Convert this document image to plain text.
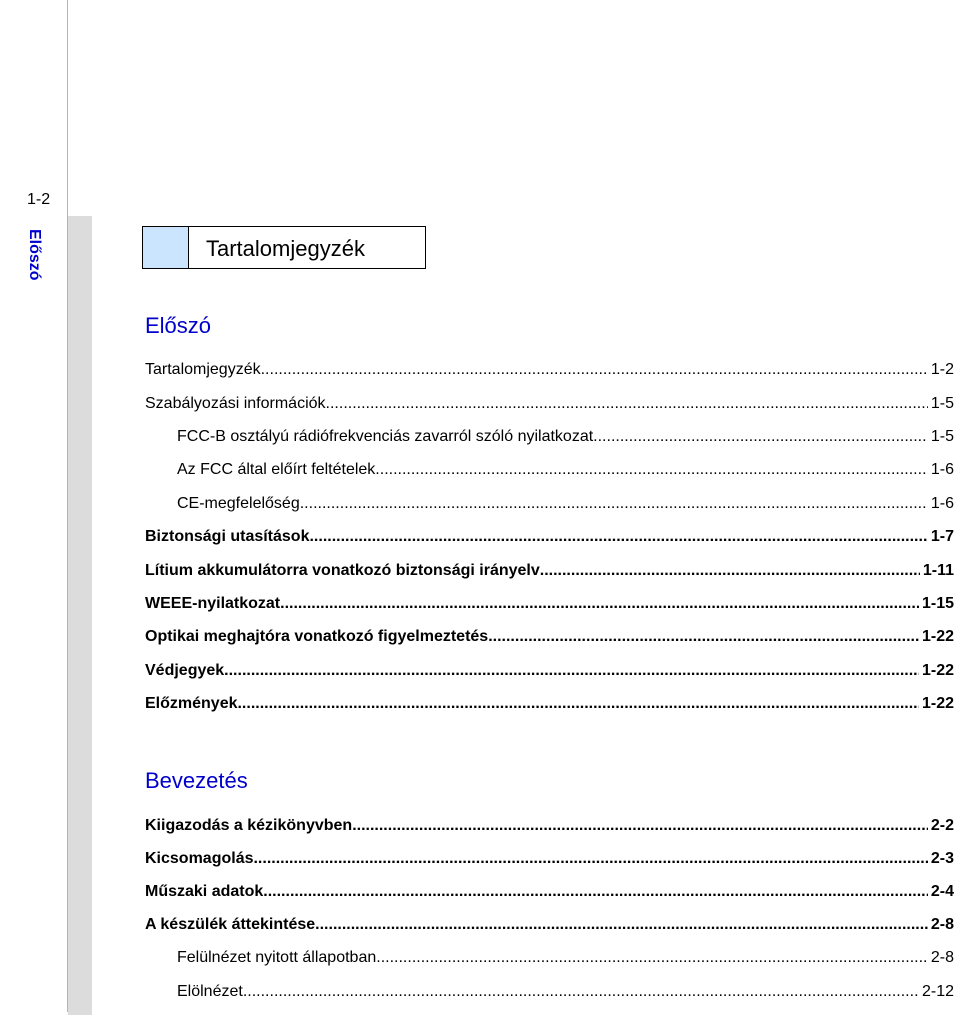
1-2
Előszó	Tartalomjegyzék
Előszó
Tartalomjegyzék .....	1-2
Szabályozási információk .....	1-5
FCC-B osztályú rádiófrekvenciás zavarról szóló nyilatkozat .....	1-5
Az FCC által előírt feltételek .....	1-6
CE-megfelelőség .....	1-6
Biztonsági utasítások .....	1-7
Lítium akkumulátorra vonatkozó biztonsági irányelv .....	1-11
WEEE-nyilatkozat .....	1-15
Optikai meghajtóra vonatkozó figyelmeztetés .....	1-22
Védjegyek .....	1-22
Előzmények .....	1-22
Bevezetés
Kiigazodás a kézikönyvben .....	2-2
Kicsomagolás .....	2-3
Műszaki adatok .....	2-4
A készülék áttekintése .....	2-8
Felülnézet nyitott állapotban .....	2-8
Elölnézet .....	2-12
